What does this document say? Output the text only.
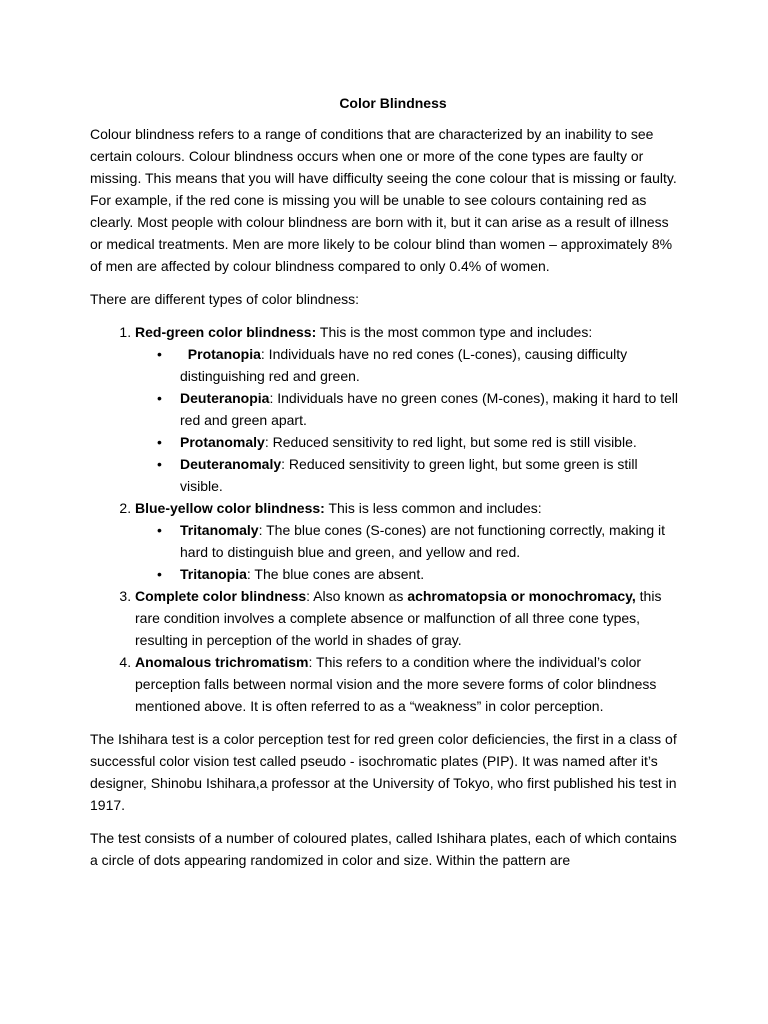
Color Blindness

Colour blindness refers to a range of conditions that are characterized by an inability to see certain colours. Colour blindness occurs when one or more of the cone types are faulty or missing. This means that you will have difficulty seeing the cone colour that is missing or faulty. For example, if the red cone is missing you will be unable to see colours containing red as clearly. Most people with colour blindness are born with it, but it can arise as a result of illness or medical treatments. Men are more likely to be colour blind than women – approximately 8% of men are affected by colour blindness compared to only 0.4% of women.

There are different types of color blindness:

1. Red-green color blindness: This is the most common type and includes:
• Protanopia: Individuals have no red cones (L-cones), causing difficulty distinguishing red and green.
• Deuteranopia: Individuals have no green cones (M-cones), making it hard to tell red and green apart.
• Protanomaly: Reduced sensitivity to red light, but some red is still visible.
• Deuteranomaly: Reduced sensitivity to green light, but some green is still visible.
2. Blue-yellow color blindness: This is less common and includes:
• Tritanomaly: The blue cones (S-cones) are not functioning correctly, making it hard to distinguish blue and green, and yellow and red.
• Tritanopia: The blue cones are absent.
3. Complete color blindness: Also known as achromatopsia or monochromacy, this rare condition involves a complete absence or malfunction of all three cone types, resulting in perception of the world in shades of gray.
4. Anomalous trichromatism: This refers to a condition where the individual’s color perception falls between normal vision and the more severe forms of color blindness mentioned above. It is often referred to as a “weakness” in color perception.

The Ishihara test is a color perception test for red green color deficiencies, the first in a class of successful color vision test called pseudo - isochromatic plates (PIP). It was named after it’s designer, Shinobu Ishihara,a professor at the University of Tokyo, who first published his test in 1917.

The test consists of a number of coloured plates, called Ishihara plates, each of which contains a circle of dots appearing randomized in color and size. Within the pattern are
